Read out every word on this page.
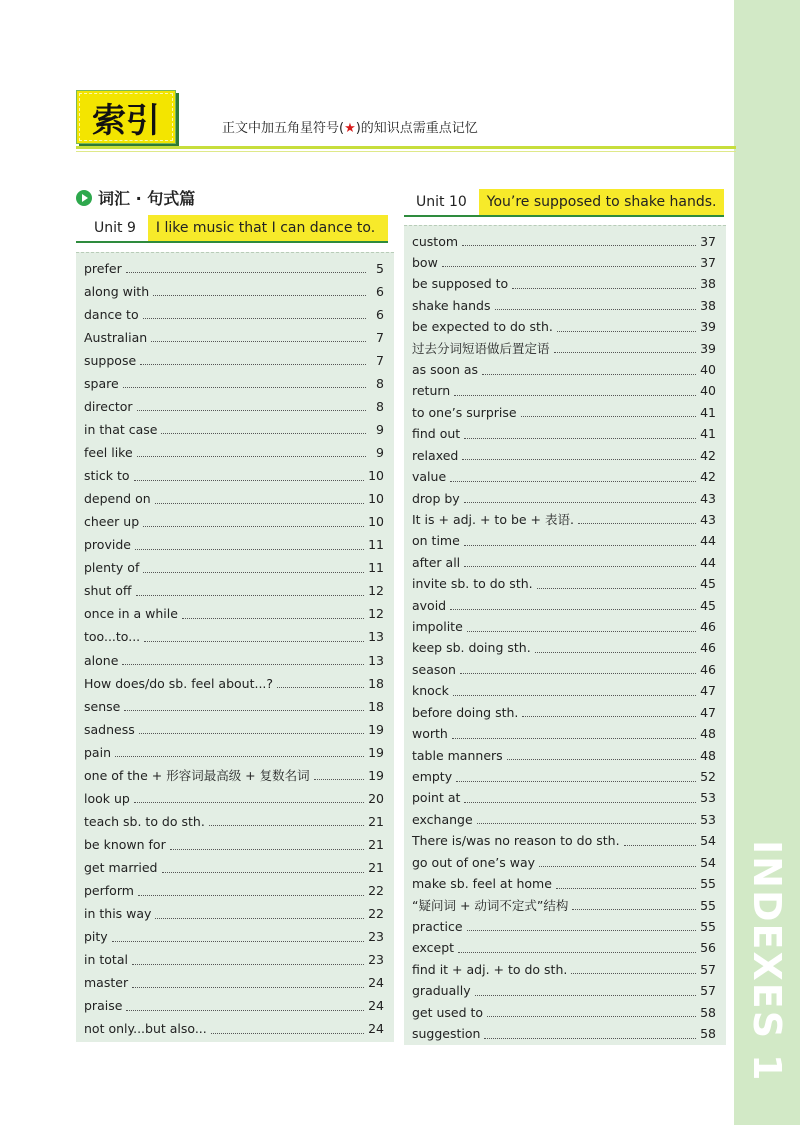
INDEXES
1
索引	正文中加五角星符号(★)的知识点需重点记忆
词汇 · 句式篇
Unit 9	I like music that I can dance to.
Unit 10	You’re supposed to shake hands.
prefer	5
along with	6
dance to	6
Australian	7
suppose	7
spare	8
director	8
in that case	9
feel like	9
stick to	10
depend on	10
cheer up	10
provide	11
plenty of	11
shut off	12
once in a while	12
too...to...	13
alone	13
How does/do sb. feel about...?	18
sense	18
sadness	19
pain	19
one of the + 形容词最高级 + 复数名词	19
look up	20
teach sb. to do sth.	21
be known for	21
get married	21
perform	22
in this way	22
pity	23
in total	23
master	24
praise	24
not only...but also...	24
custom	37
bow	37
be supposed to	38
shake hands	38
be expected to do sth.	39
过去分词短语做后置定语	39
as soon as	40
return	40
to one’s surprise	41
find out	41
relaxed	42
value	42
drop by	43
It is + adj. + to be + 表语.	43
on time	44
after all	44
invite sb. to do sth.	45
avoid	45
impolite	46
keep sb. doing sth.	46
season	46
knock	47
before doing sth.	47
worth	48
table manners	48
empty	52
point at	53
exchange	53
There is/was no reason to do sth.	54
go out of one’s way	54
make sb. feel at home	55
“疑问词 + 动词不定式”结构	55
practice	55
except	56
find it + adj. + to do sth.	57
gradually	57
get used to	58
suggestion	58
